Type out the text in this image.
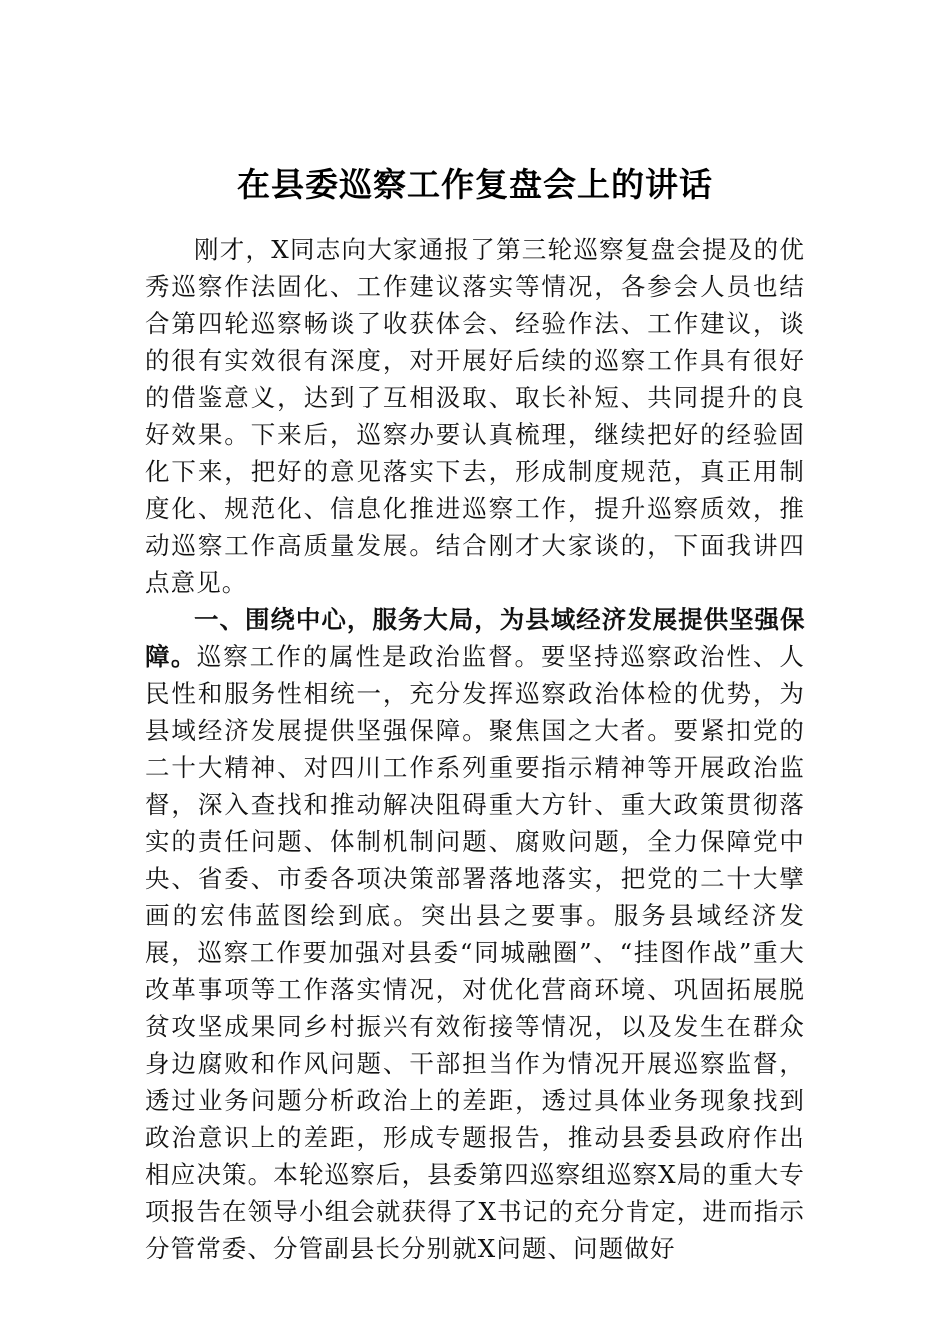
在县委巡察工作复盘会上的讲话

刚才，X同志向大家通报了第三轮巡察复盘会提及的优秀巡察作法固化、工作建议落实等情况，各参会人员也结合第四轮巡察畅谈了收获体会、经验作法、工作建议，谈的很有实效很有深度，对开展好后续的巡察工作具有很好的借鉴意义，达到了互相汲取、取长补短、共同提升的良好效果。下来后，巡察办要认真梳理，继续把好的经验固化下来，把好的意见落实下去，形成制度规范，真正用制度化、规范化、信息化推进巡察工作，提升巡察质效，推动巡察工作高质量发展。结合刚才大家谈的，下面我讲四点意见。

一、围绕中心，服务大局，为县域经济发展提供坚强保障。巡察工作的属性是政治监督。要坚持巡察政治性、人民性和服务性相统一，充分发挥巡察政治体检的优势，为县域经济发展提供坚强保障。聚焦国之大者。要紧扣党的二十大精神、对四川工作系列重要指示精神等开展政治监督，深入查找和推动解决阻碍重大方针、重大政策贯彻落实的责任问题、体制机制问题、腐败问题，全力保障党中央、省委、市委各项决策部署落地落实，把党的二十大擘画的宏伟蓝图绘到底。突出县之要事。服务县域经济发展，巡察工作要加强对县委“同城融圈”、“挂图作战”重大改革事项等工作落实情况，对优化营商环境、巩固拓展脱贫攻坚成果同乡村振兴有效衔接等情况，以及发生在群众身边腐败和作风问题、干部担当作为情况开展巡察监督，透过业务问题分析政治上的差距，透过具体业务现象找到政治意识上的差距，形成专题报告，推动县委县政府作出相应决策。本轮巡察后，县委第四巡察组巡察X局的重大专项报告在领导小组会就获得了X书记的充分肯定，进而指示分管常委、分管副县长分别就X问题、问题做好
